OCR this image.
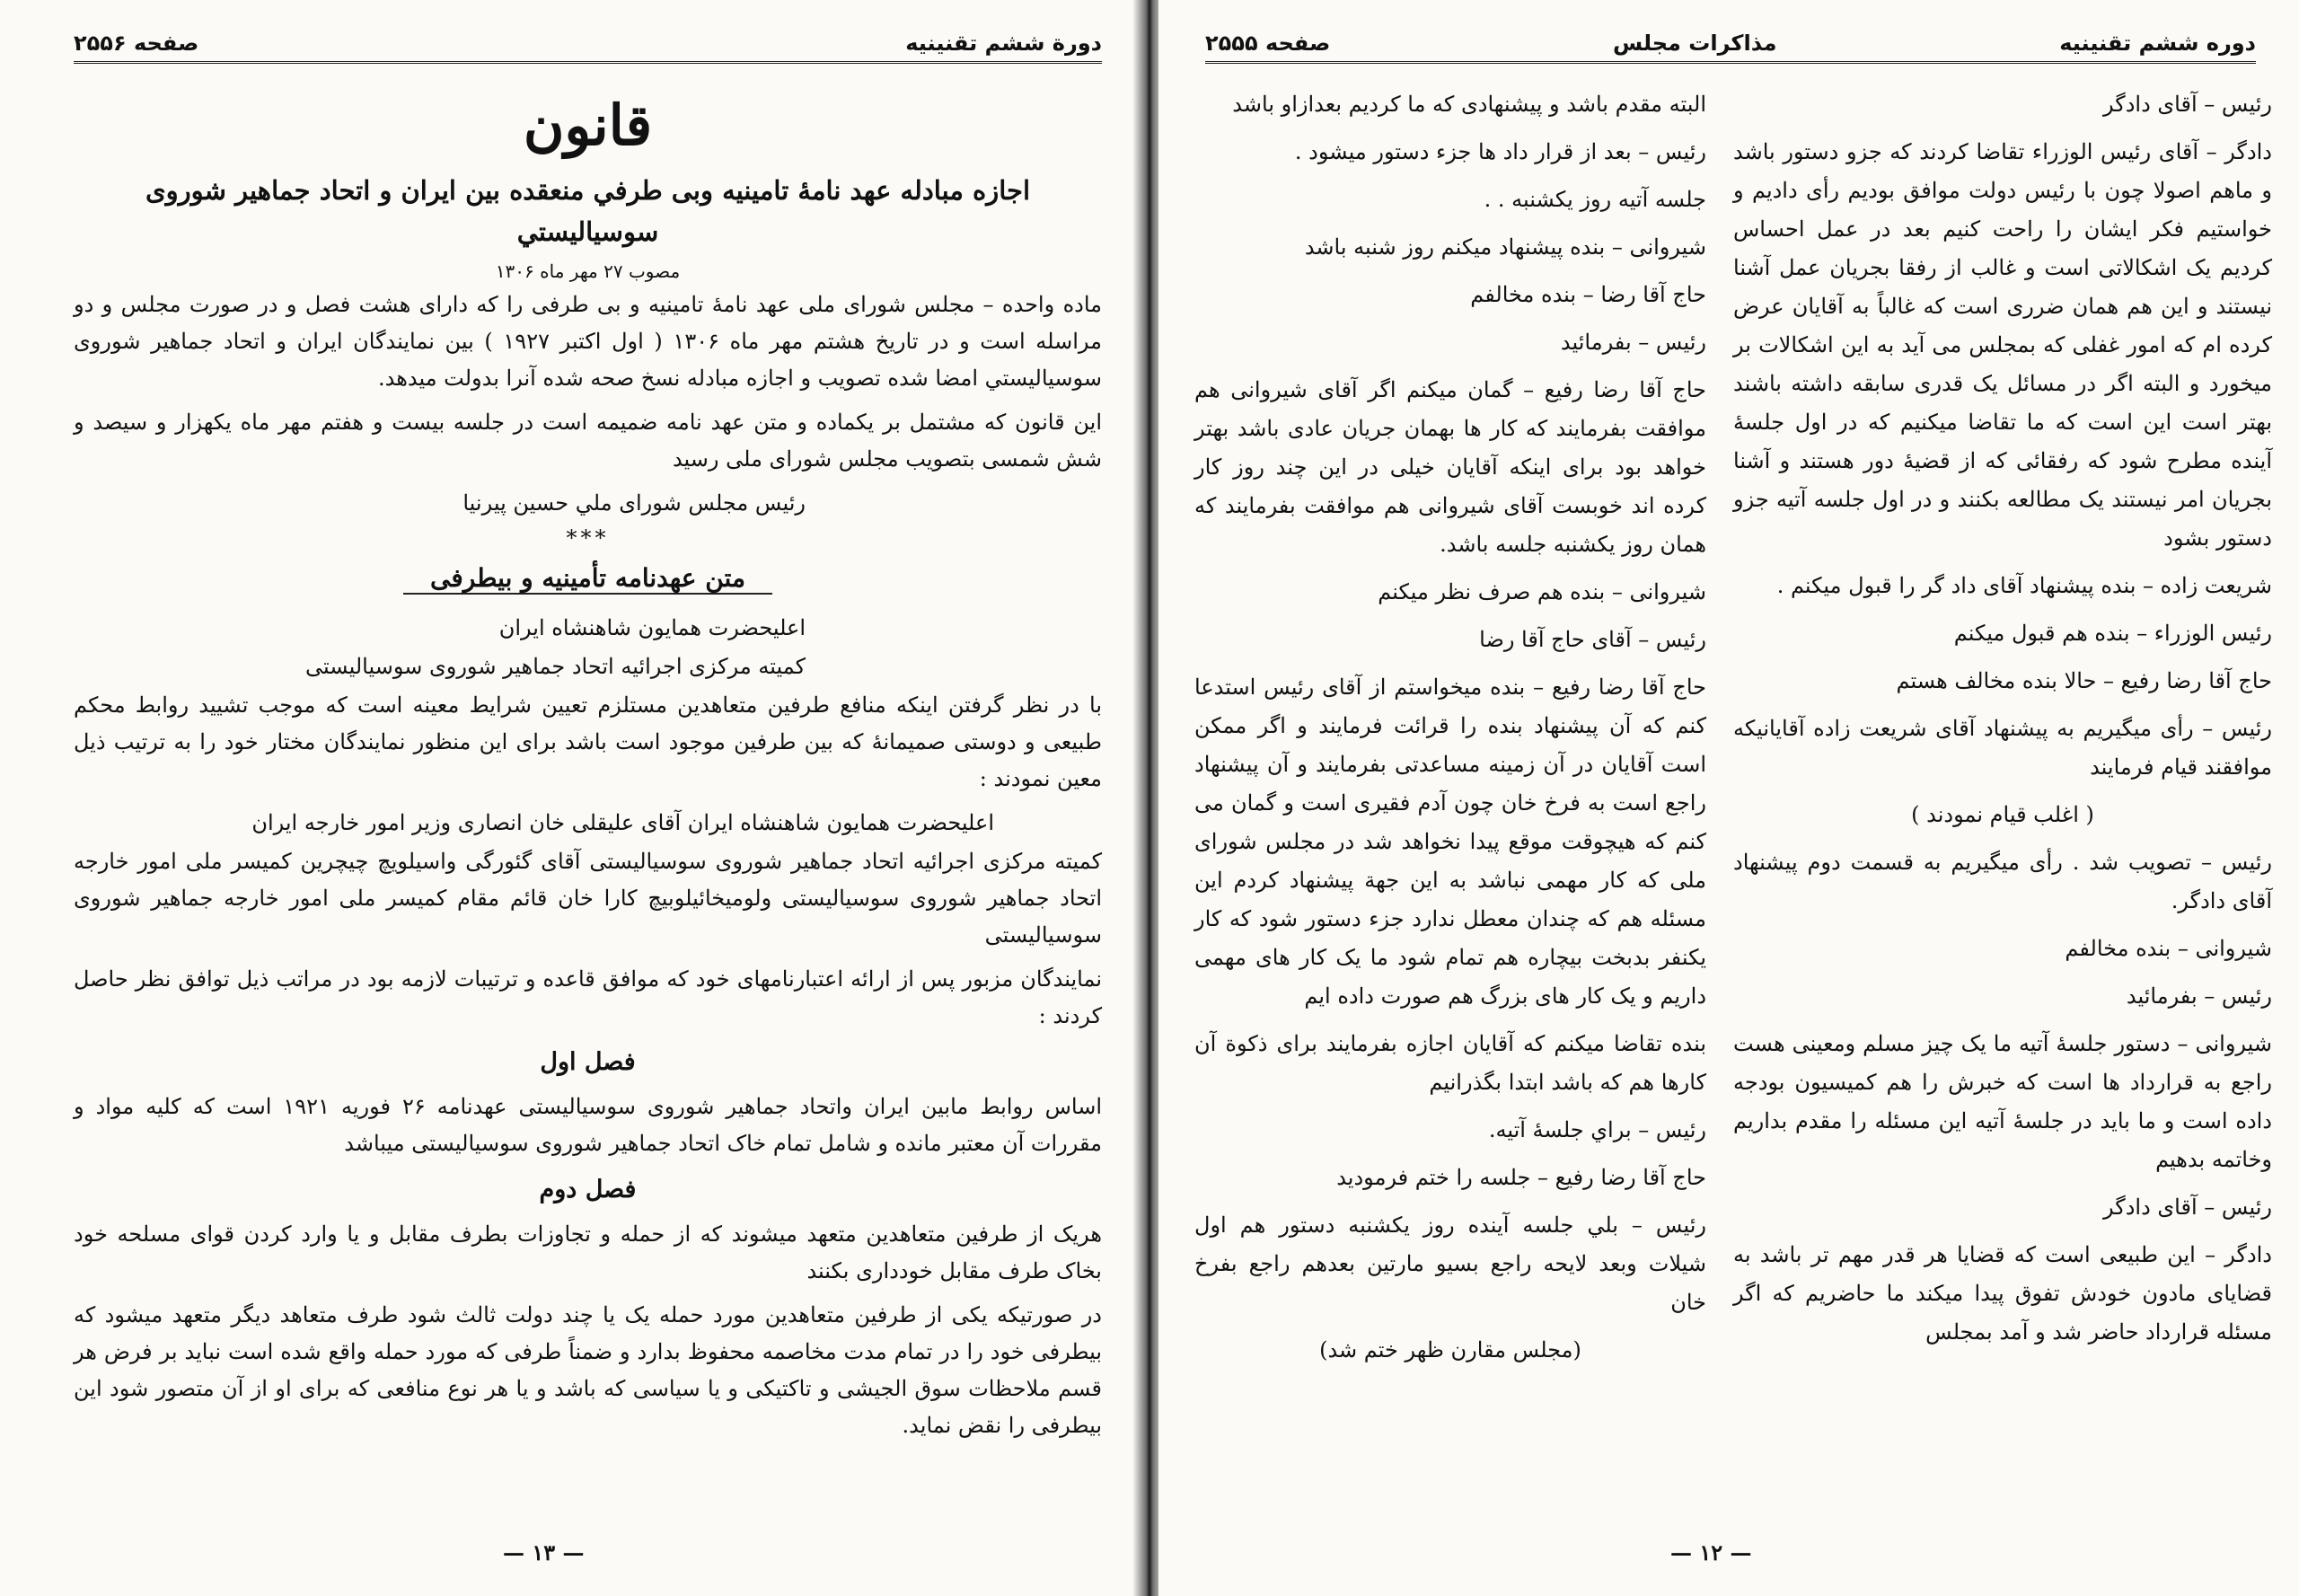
صفحه ۲۵۵۶	دورة ششم تقنينيه
قانون
اجازه مبادله عهد نامهٔ تامینیه وبی طرفي منعقده بین ایران و اتحاد جماهیر شوروی سوسیالیستي
مصوب ۲۷ مهر ماه ۱۳۰۶

ماده واحده – مجلس شورای ملی عهد نامهٔ تامینیه و بی طرفی را که دارای هشت فصل و در صورت مجلس و دو مراسله است و در تاریخ هشتم مهر ماه ۱۳۰۶ ( اول اکتبر ۱۹۲۷ ) بین نمایندگان ایران و اتحاد جماهیر شوروی سوسیالیستي امضا شده تصویب و اجازه مبادله نسخ صحه شده آنرا بدولت میدهد.

این قانون که مشتمل بر یکماده و متن عهد نامه ضمیمه است در جلسه بیست و هفتم مهر ماه یکهزار و سیصد و شش شمسی بتصویب مجلس شورای ملی رسید

رئیس مجلس شورای ملي حسین پیرنیا

***
متن عهدنامه تأمینیه و بیطرفی

اعلیحضرت همایون شاهنشاه ایران

کمیته مرکزی اجرائیه اتحاد جماهیر شوروی سوسیالیستی

با در نظر گرفتن اینکه منافع طرفین متعاهدین مستلزم تعیین شرایط معینه است که موجب تشیید روابط محکم طبیعی و دوستی صمیمانهٔ که بین طرفین موجود است باشد برای این منظور نمایندگان مختار خود را به ترتیب ذیل معین نمودند :

اعلیحضرت همایون شاهنشاه ایران آقای علیقلی خان انصاری وزیر امور خارجه ایران

کمیته مرکزی اجرائیه اتحاد جماهیر شوروی سوسیالیستی آقای گئورگی واسیلویچ چیچرین کمیسر ملی امور خارجه اتحاد جماهیر شوروی سوسیالیستی ولومیخائیلوبیچ کارا خان قائم مقام کمیسر ملی امور خارجه جماهیر شوروی سوسیالیستی

نمایندگان مزبور پس از ارائه اعتبارنامهای خود که موافق قاعده و ترتیبات لازمه بود در مراتب ذیل توافق نظر حاصل کردند :

فصل اول

اساس روابط مابین ایران واتحاد جماهیر شوروی سوسیالیستی عهدنامه ۲۶ فوریه ۱۹۲۱ است که کلیه مواد و مقررات آن معتبر مانده و شامل تمام خاک اتحاد جماهیر شوروی سوسیالیستی میباشد

فصل دوم

هریک از طرفین متعاهدین متعهد میشوند که از حمله و تجاوزات بطرف مقابل و یا وارد کردن قوای مسلحه خود بخاک طرف مقابل خودداری بکنند

در صورتیکه یکی از طرفین متعاهدین مورد حمله یک یا چند دولت ثالث شود طرف متعاهد دیگر متعهد میشود که بیطرفی خود را در تمام مدت مخاصمه محفوظ بدارد و ضمناً طرفی که مورد حمله واقع شده است نباید بر فرض هر قسم ملاحظات سوق الجیشی و تاکتیکی و یا سیاسی که باشد و یا هر نوع منافعی که برای او از آن متصور شود این بیطرفی را نقض نماید.

— ۱۳ —
صفحه ۲۵۵۵	مذاکرات مجلس	دوره ششم تقنینیه

رئیس – آقای دادگر

دادگر – آقای رئیس الوزراء تقاضا کردند که جزو دستور باشد و ماهم اصولا چون با رئیس دولت موافق بودیم رأی دادیم و خواستیم فکر ایشان را راحت کنیم بعد در عمل احساس کردیم یک اشکالاتی است و غالب از رفقا بجریان عمل آشنا نیستند و این هم همان ضرری است که غالباً به آقایان عرض کرده ام که امور غفلی که بمجلس می آید به این اشکالات بر میخورد و البته اگر در مسائل یک قدری سابقه داشته باشند بهتر است این است که ما تقاضا میکنیم که در اول جلسهٔ آینده مطرح شود که رفقائی که از قضیهٔ دور هستند و آشنا بجریان امر نیستند یک مطالعه بکنند و در اول جلسه آتیه جزو دستور بشود

شریعت زاده – بنده پیشنهاد آقای داد گر را قبول میکنم .

رئیس الوزراء – بنده هم قبول میکنم

حاج آقا رضا رفیع – حالا بنده مخالف هستم

رئیس – رأی میگیریم به پیشنهاد آقای شریعت زاده آقایانیکه موافقند قیام فرمایند

( اغلب قیام نمودند )

رئیس – تصویب شد . رأی میگیریم به قسمت دوم پیشنهاد آقای دادگر.

شیروانی – بنده مخالفم

رئیس – بفرمائید

شیروانی – دستور جلسهٔ آتیه ما یک چیز مسلم ومعینی هست راجع به قرارداد ها است که خبرش را هم کمیسیون بودجه داده است و ما باید در جلسهٔ آتیه این مسئله را مقدم بداریم وخاتمه بدهیم

رئیس – آقای دادگر

دادگر – این طبیعی است که قضایا هر قدر مهم تر باشد به قضایای مادون خودش تفوق پیدا میکند ما حاضریم که اگر مسئله قرارداد حاضر شد و آمد بمجلس

البته مقدم باشد و پیشنهادی که ما کردیم بعدازاو باشد

رئیس – بعد از قرار داد ها جزء دستور میشود .

جلسه آتیه روز یکشنبه . .

شیروانی – بنده پیشنهاد میکنم روز شنبه باشد

حاج آقا رضا – بنده مخالفم

رئیس – بفرمائید

حاج آقا رضا رفیع – گمان میکنم اگر آقای شیروانی هم موافقت بفرمایند که کار ها بهمان جریان عادی باشد بهتر خواهد بود برای اینکه آقایان خیلی در این چند روز کار کرده اند خوبست آقای شیروانی هم موافقت بفرمایند که همان روز یکشنبه جلسه باشد.

شیروانی – بنده هم صرف نظر میکنم

رئیس – آقای حاج آقا رضا

حاج آقا رضا رفیع – بنده میخواستم از آقای رئیس استدعا کنم که آن پیشنهاد بنده را قرائت فرمایند و اگر ممکن است آقایان در آن زمینه مساعدتی بفرمایند و آن پیشنهاد راجع است به فرخ خان چون آدم فقیری است و گمان می کنم که هیچوقت موقع پیدا نخواهد شد در مجلس شورای ملی که کار مهمی نباشد به این جهة پیشنهاد کردم این مسئله هم که چندان معطل ندارد جزء دستور شود که کار یکنفر بدبخت بیچاره هم تمام شود ما یک کار های مهمی داریم و یک کار های بزرگ هم صورت داده ایم

بنده تقاضا میکنم که آقایان اجازه بفرمایند برای ذکوة آن کارها هم که باشد ابتدا بگذرانیم

رئیس – براي جلسهٔ آتیه.

حاج آقا رضا رفیع – جلسه را ختم فرمودید

رئیس – بلي جلسه آینده روز یکشنبه دستور هم اول شیلات وبعد لایحه راجع بسیو مارتین بعدهم راجع بفرخ خان

(مجلس مقارن ظهر ختم شد)

— ۱۲ —
